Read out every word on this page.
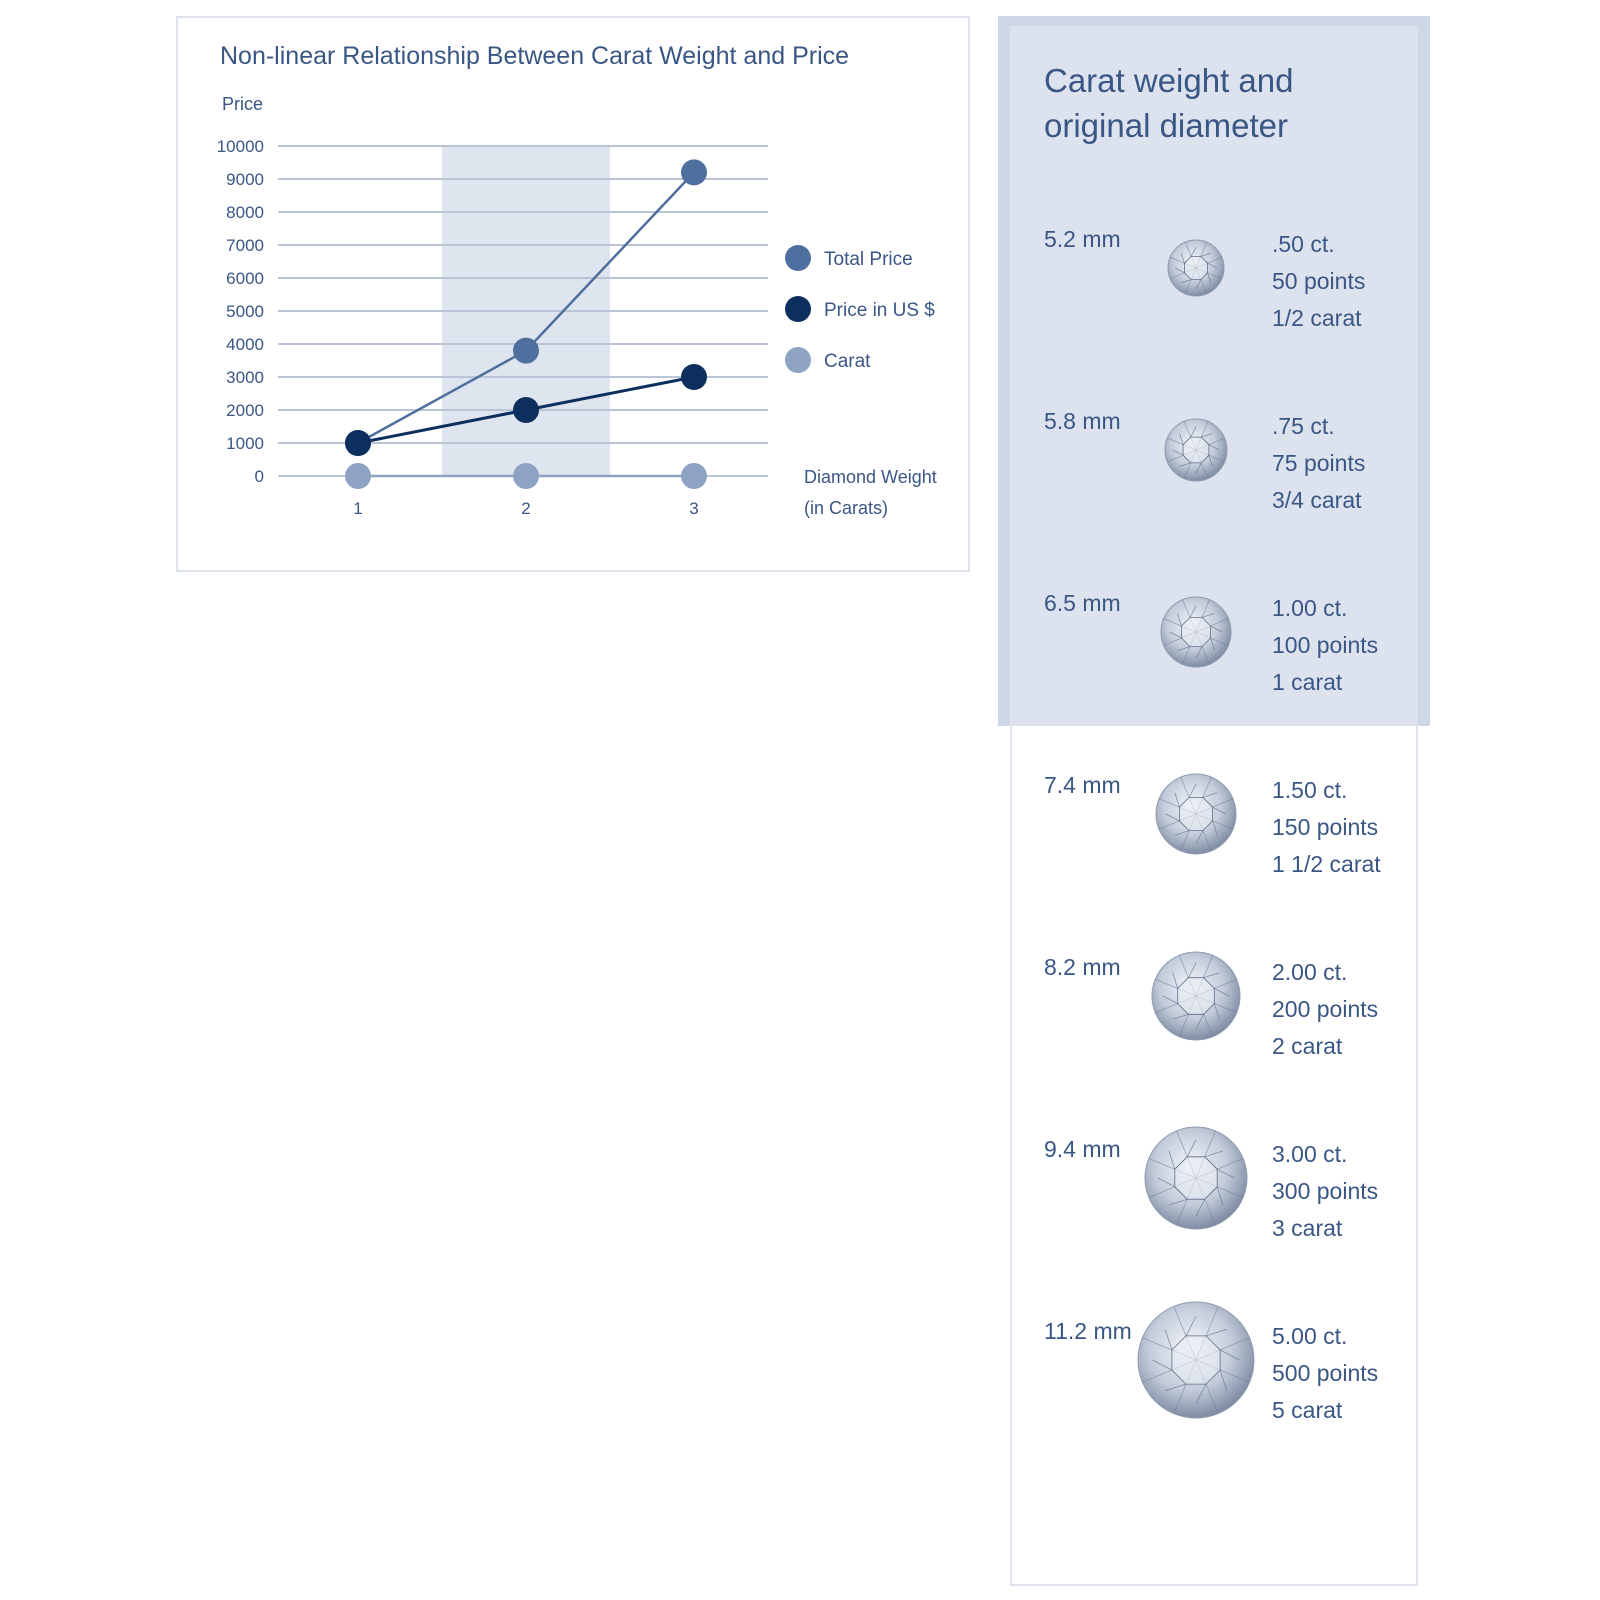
Non-linear Relationship Between Carat Weight and Price
Price
10000
9000
8000
7000
6000
5000
4000
3000
2000
1000
0
1	2	3
Total Price
Price in US $
Carat
Diamond Weight
(in Carats)
Carat weight and
original diameter
5.2 mm	.50 ct.
50 points
1/2 carat
5.8 mm	.75 ct.
75 points
3/4 carat
6.5 mm	1.00 ct.
100 points
1 carat
7.4 mm	1.50 ct.
150 points
1 1/2 carat
8.2 mm	2.00 ct.
200 points
2 carat
9.4 mm	3.00 ct.
300 points
3 carat
11.2 mm	5.00 ct.
500 points
5 carat
